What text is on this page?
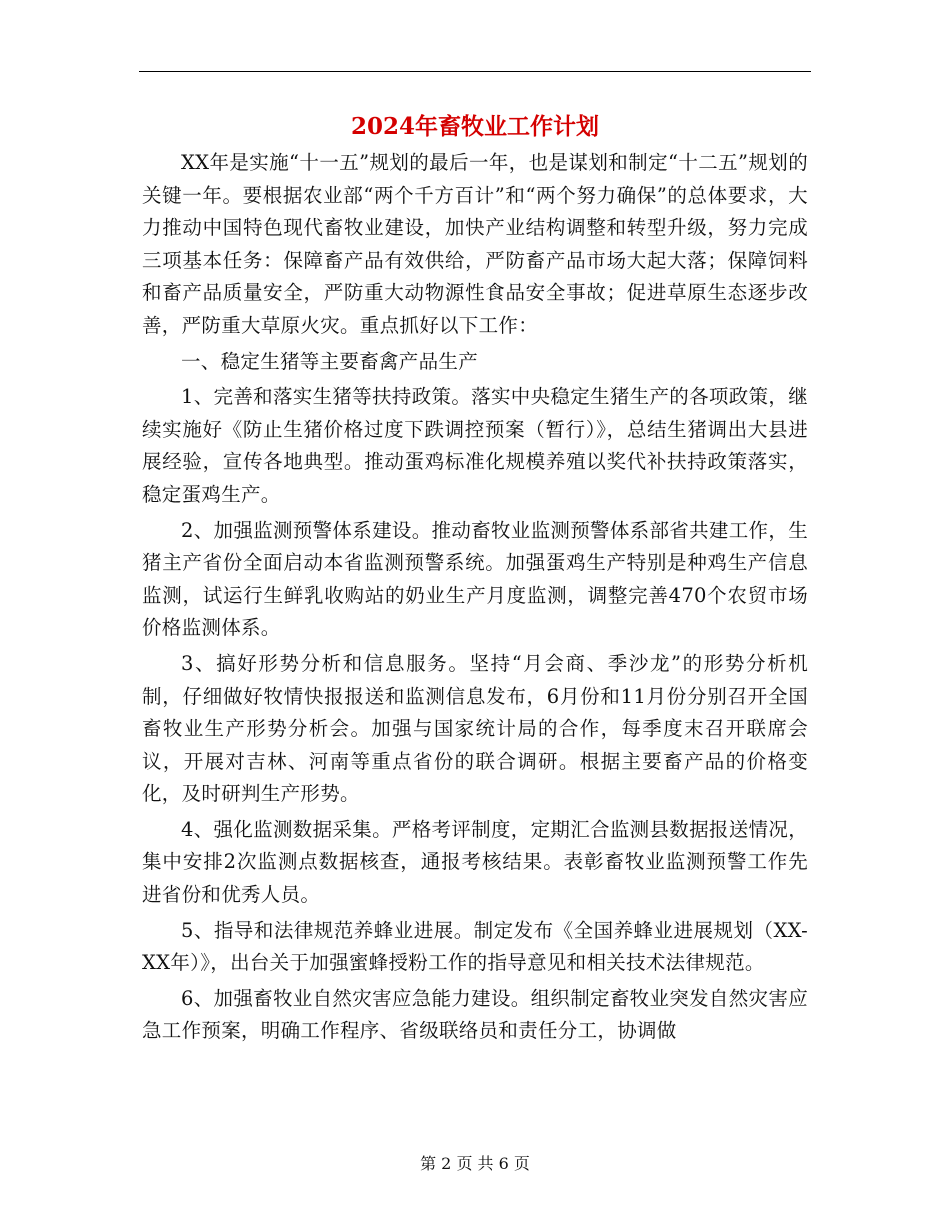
2024年畜牧业工作计划

XX年是实施“十一五”规划的最后一年，也是谋划和制定“十二五”规划的关键一年。要根据农业部“两个千方百计”和“两个努力确保”的总体要求，大力推动中国特色现代畜牧业建设，加快产业结构调整和转型升级，努力完成三项基本任务：保障畜产品有效供给，严防畜产品市场大起大落；保障饲料和畜产品质量安全，严防重大动物源性食品安全事故；促进草原生态逐步改善，严防重大草原火灾。重点抓好以下工作：

一、稳定生猪等主要畜禽产品生产

1、完善和落实生猪等扶持政策。落实中央稳定生猪生产的各项政策，继续实施好《防止生猪价格过度下跌调控预案（暂行）》，总结生猪调出大县进展经验，宣传各地典型。推动蛋鸡标准化规模养殖以奖代补扶持政策落实，稳定蛋鸡生产。

2、加强监测预警体系建设。推动畜牧业监测预警体系部省共建工作，生猪主产省份全面启动本省监测预警系统。加强蛋鸡生产特别是种鸡生产信息监测，试运行生鲜乳收购站的奶业生产月度监测，调整完善470个农贸市场价格监测体系。

3、搞好形势分析和信息服务。坚持“月会商、季沙龙”的形势分析机制，仔细做好牧情快报报送和监测信息发布，6月份和11月份分别召开全国畜牧业生产形势分析会。加强与国家统计局的合作，每季度末召开联席会议，开展对吉林、河南等重点省份的联合调研。根据主要畜产品的价格变化，及时研判生产形势。

4、强化监测数据采集。严格考评制度，定期汇合监测县数据报送情况，集中安排2次监测点数据核查，通报考核结果。表彰畜牧业监测预警工作先进省份和优秀人员。

5、指导和法律规范养蜂业进展。制定发布《全国养蜂业进展规划（XX-XX年）》，出台关于加强蜜蜂授粉工作的指导意见和相关技术法律规范。

6、加强畜牧业自然灾害应急能力建设。组织制定畜牧业突发自然灾害应急工作预案，明确工作程序、省级联络员和责任分工，协调做

第 2 页 共 6 页
